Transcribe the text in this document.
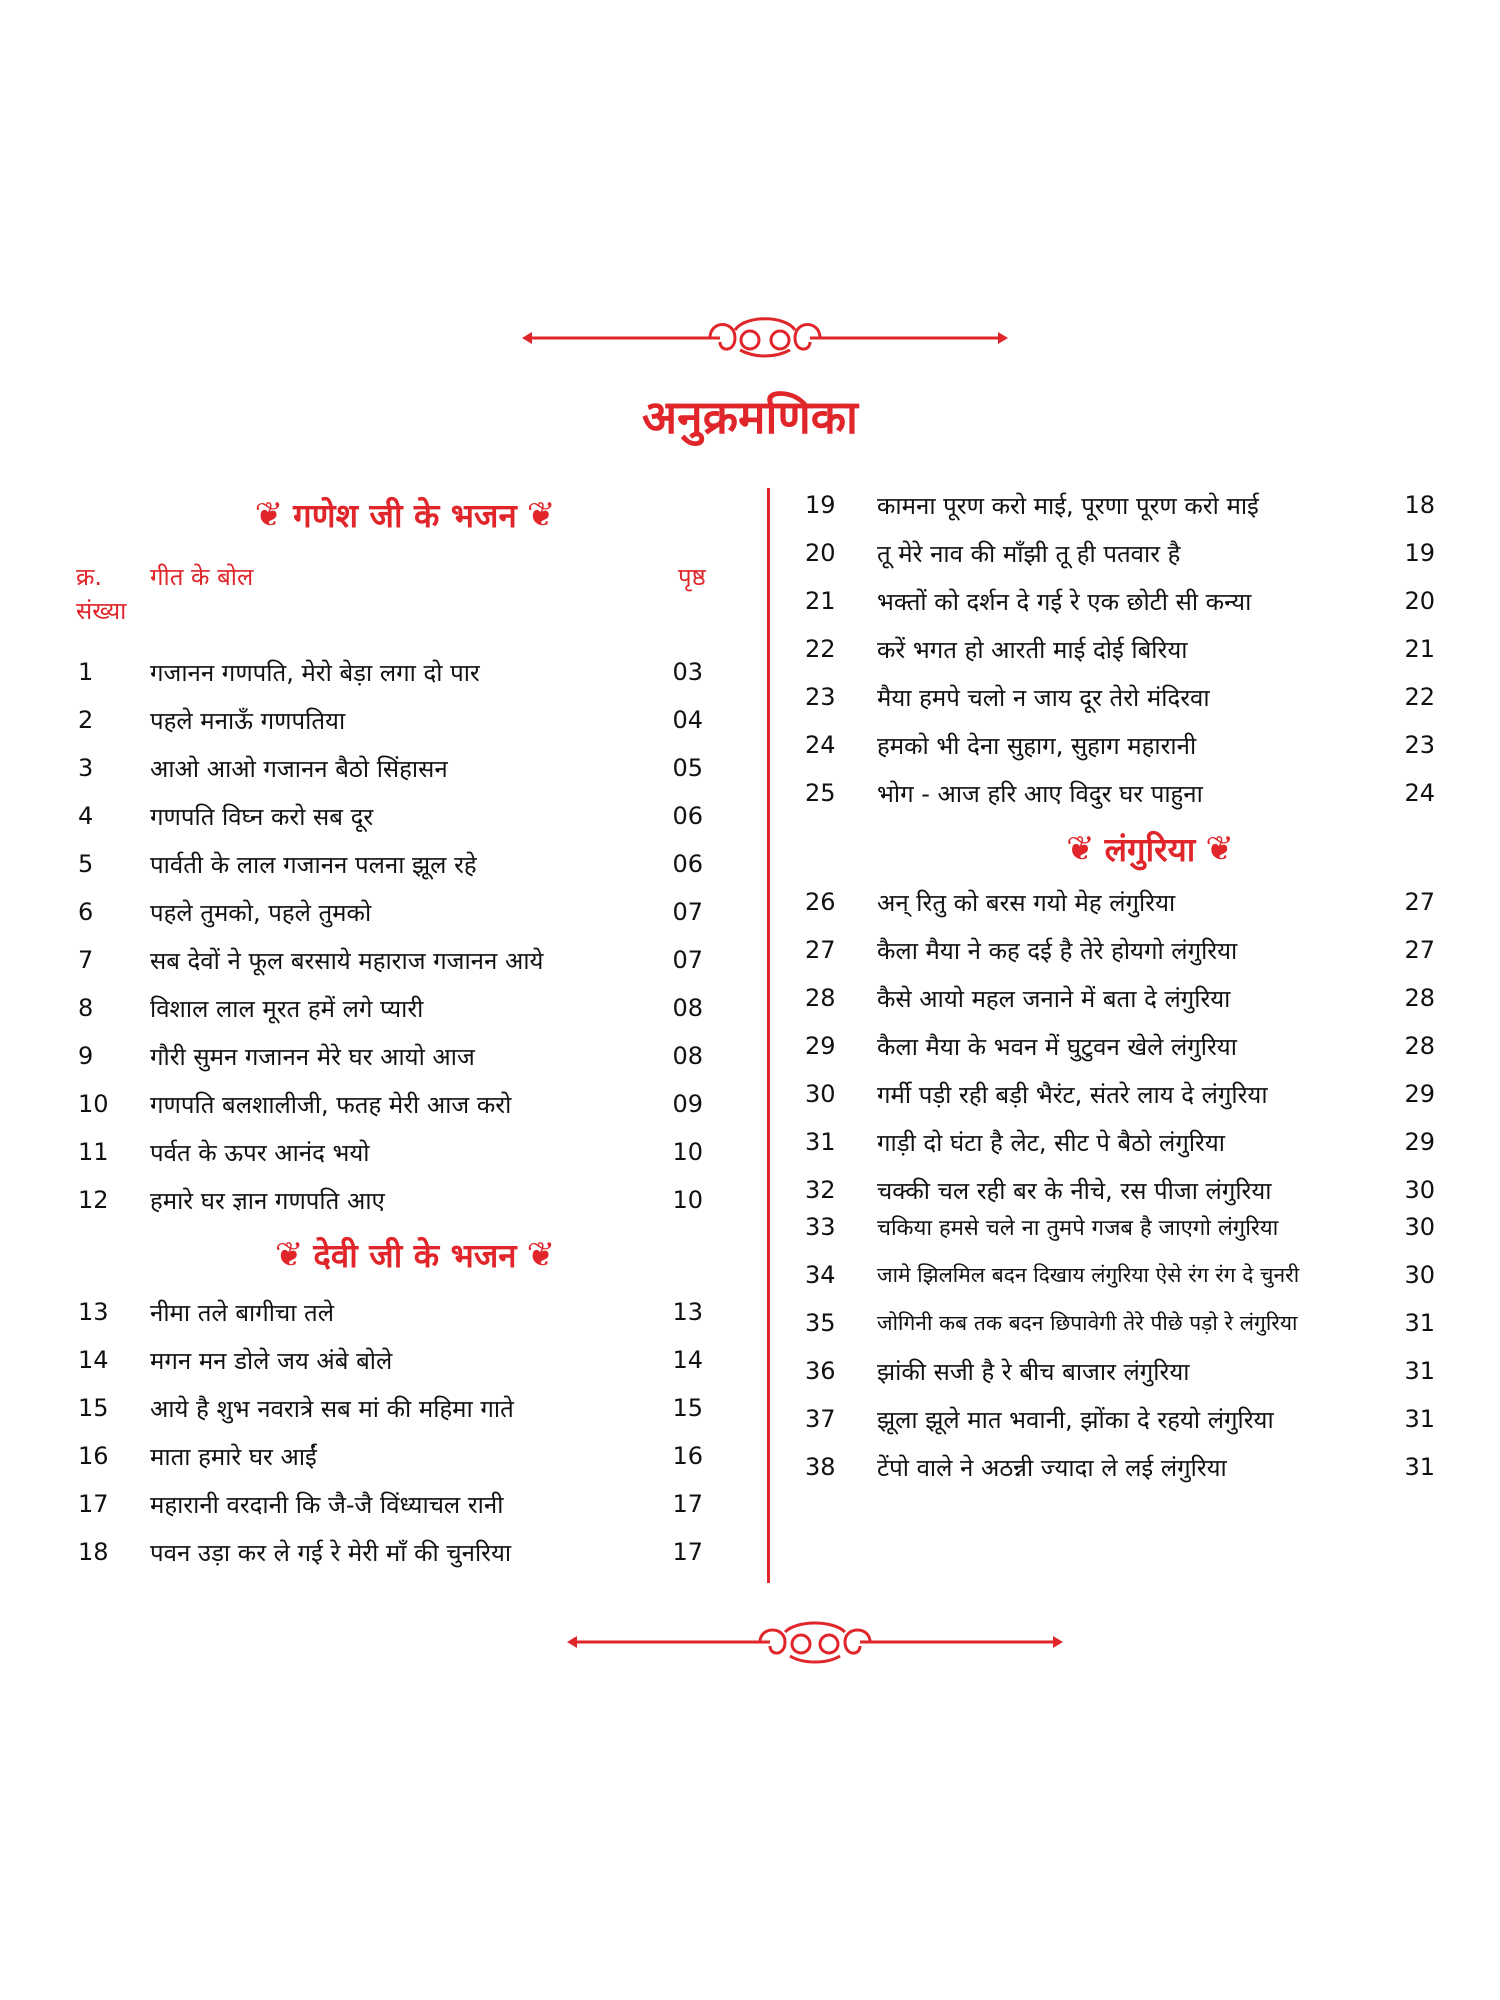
अनुक्रमणिका
❦ गणेश जी के भजन ❦
क्र.
संख्या
गीत के बोल	पृष्ठ
1	गजानन गणपति, मेरो बेड़ा लगा दो पार	03
2	पहले मनाऊँ गणपतिया	04
3	आओ आओ गजानन बैठो सिंहासन	05
4	गणपति विघ्न करो सब दूर	06
5	पार्वती के लाल गजानन पलना झूल रहे	06
6	पहले तुमको, पहले तुमको	07
7	सब देवों ने फूल बरसाये महाराज गजानन आये	07
8	विशाल लाल मूरत हमें लगे प्यारी	08
9	गौरी सुमन गजानन मेरे घर आयो आज	08
10	गणपति बलशालीजी, फतह मेरी आज करो	09
11	पर्वत के ऊपर आनंद भयो	10
12	हमारे घर ज्ञान गणपति आए	10
❦ देवी जी के भजन ❦
13	नीमा तले बागीचा तले	13
14	मगन मन डोले जय अंबे बोले	14
15	आये है शुभ नवरात्रे सब मां की महिमा गाते	15
16	माता हमारे घर आईं	16
17	महारानी वरदानी कि जै-जै विंध्याचल रानी	17
18	पवन उड़ा कर ले गई रे मेरी माँ की चुनरिया	17
19	कामना पूरण करो माई, पूरणा पूरण करो माई	18
20	तू मेरे नाव की माँझी तू ही पतवार है	19
21	भक्तों को दर्शन दे गई रे एक छोटी सी कन्या	20
22	करें भगत हो आरती माई दोई बिरिया	21
23	मैया हमपे चलो न जाय दूर तेरो मंदिरवा	22
24	हमको भी देना सुहाग, सुहाग महारानी	23
25	भोग - आज हरि आए विदुर घर पाहुना	24
❦ लंगुरिया ❦
26	अन् रितु को बरस गयो मेह लंगुरिया	27
27	कैला मैया ने कह दई है तेरे होयगो लंगुरिया	27
28	कैसे आयो महल जनाने में बता दे लंगुरिया	28
29	कैला मैया के भवन में घुटुवन खेले लंगुरिया	28
30	गर्मी पड़ी रही बड़ी भैरंट, संतरे लाय दे लंगुरिया	29
31	गाड़ी दो घंटा है लेट, सीट पे बैठो लंगुरिया	29
32	चक्की चल रही बर के नीचे, रस पीजा लंगुरिया	30
33	चकिया हमसे चले ना तुमपे गजब है जाएगो लंगुरिया	30
34	जामे झिलमिल बदन दिखाय लंगुरिया ऐसे रंग रंग दे चुनरी	30
35	जोगिनी कब तक बदन छिपावेगी तेरे पीछे पड़ो रे लंगुरिया	31
36	झांकी सजी है रे बीच बाजार लंगुरिया	31
37	झूला झूले मात भवानी, झोंका दे रहयो लंगुरिया	31
38	टेंपो वाले ने अठन्नी ज्यादा ले लई लंगुरिया	31
